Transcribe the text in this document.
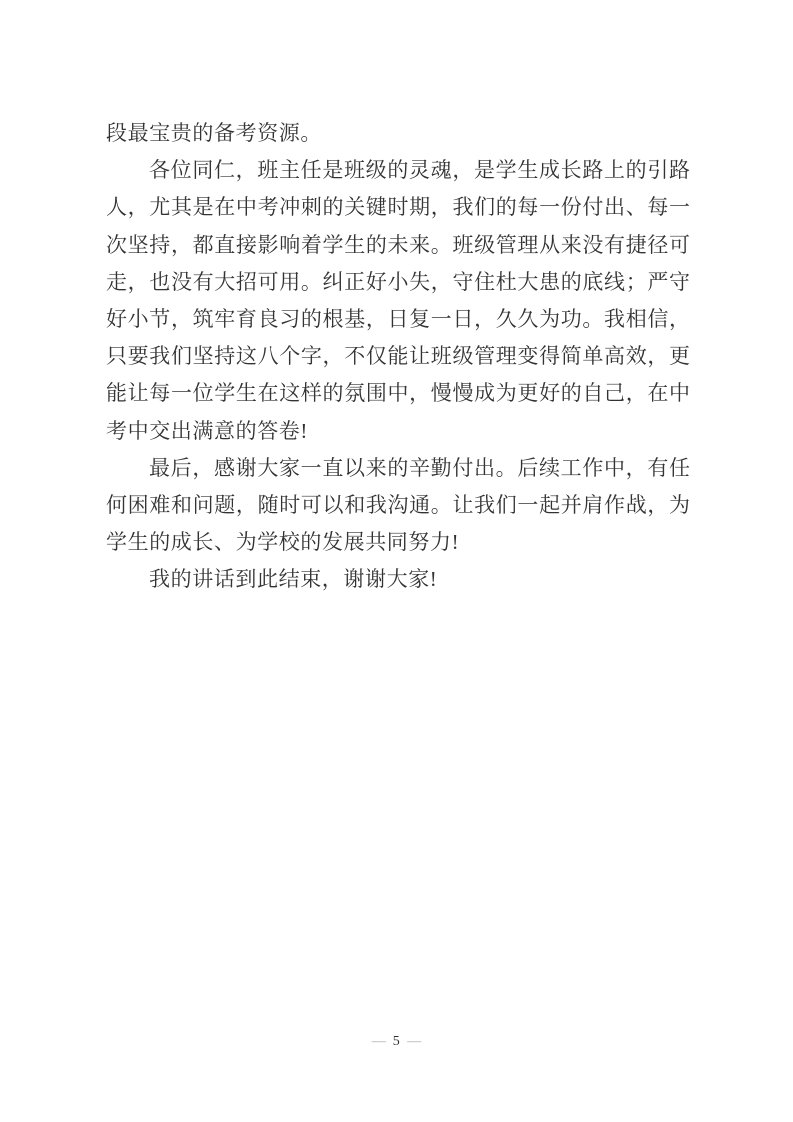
段最宝贵的备考资源。
各位同仁，班主任是班级的灵魂，是学生成长路上的引路
人，尤其是在中考冲刺的关键时期，我们的每一份付出、每一
次坚持，都直接影响着学生的未来。班级管理从来没有捷径可
走，也没有大招可用。纠正好小失，守住杜大患的底线；严守
好小节，筑牢育良习的根基，日复一日，久久为功。我相信，
只要我们坚持这八个字，不仅能让班级管理变得简单高效，更
能让每一位学生在这样的氛围中，慢慢成为更好的自己，在中
考中交出满意的答卷!
最后，感谢大家一直以来的辛勤付出。后续工作中，有任
何困难和问题，随时可以和我沟通。让我们一起并肩作战，为
学生的成长、为学校的发展共同努力!
我的讲话到此结束，谢谢大家!
— 5 —
